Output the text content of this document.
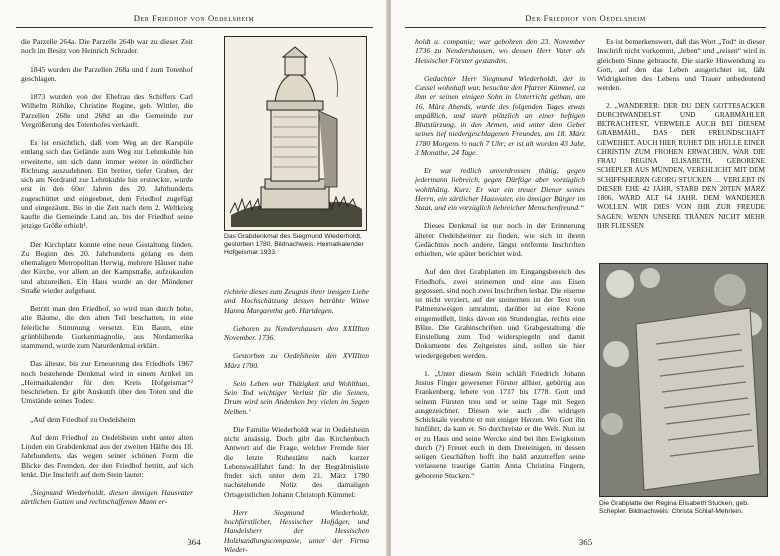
Der Friedhof von Oedelsheim

die Parzelle 264a. Die Parzelle 264b war zu dieser Zeit noch im Besitz von Heinrich Schrader.

1845 wurden die Parzellen 268a und f zum Totenhof geschlagen.

1873 wurden von der Ehefrau des Schiffers Carl Wilhelm Röhlke, Christine Regine, geb. Wittler, die Parzellen 268e und 268d an die Gemeinde zur Vergrößerung des Totenhofes verkauft.

Es ist ersichtlich, daß vom Weg an der Karspüle entlang sich das Gelände zum Weg zur Lehmkuhle hin erweiterte, um sich dann immer weiter in nördlicher Richtung auszudehnen. Ein breiter, tiefer Graben, der sich am Nordrand zur Lehmkuhle hin erstreckte, wurde erst in den 60er Jahren des 20. Jahrhunderts zugeschüttet und eingeebnet, dem Friedhof zugefügt und eingezäunt. Bis in die Zeit nach dem 2. Weltkrieg kaufte die Gemeinde Land an, bis der Friedhof seine jetzige Größe erhielt¹.

Der Kirchplatz konnte eine neue Gestaltung finden. Zu Beginn des 20. Jahrhunderts gelang es dem ehemaligen Metropolitan Herwig, mehrere Häuser nahe der Kirche, vor allem an der Kampstraße, aufzukaufen und abzureißen. Ein Haus wurde an der Mündener Straße wieder aufgebaut.

Betritt man den Friedhof, so wird man durch hohe, alte Bäume, die den alten Teil beschatten, in eine feierliche Stimmung versetzt. Ein Baum, eine grünblühende Gurkenmagnolie, aus Nordamerika stammend, wurde zum Naturdenkmal erklärt.

Das älteste, bis zur Erneuerung des Friedhofs 1967 noch bestehende Denkmal wird in einem Artikel im „Heimatkalender für den Kreis Hofgeismar“² beschrieben. Er gibt Auskunft über den Toten und die Umstände seines Todes:

„Auf dem Friedhof zu Oedelsheim

Auf dem Friedhof zu Oedelsheim steht unter alten Linden ein Grabdenkmal aus der zweiten Hälfte des 18. Jahrhunderts, das wegen seiner schönen Form die Blicke des Fremden, der den Friedhof betritt, auf sich lenkt. Die Inschrift auf dem Stein lautet:

‚Siegmund Wiederholdt, diesen ämsigen Hausvater zärtlichen Gatten und rechtschaffenen Mann er-

Das Grabdenkmal des Siegmund Wiederholdt, gestorben 1780. Bildnachweis: Heimatkalender Hofgeismar 1933.

richtete dieses zum Zeugnis ihrer innigen Liebe und Hochschätzung dessen betrübte Witwe Hanna Margaretha geb. Hartdegen.

Geboren zu Nendershausen den XXIIIten November. 1736.

Gestorben zu Oedelsheim den XVIIIten März 1780.

Sein Leben war Thätigkeit und Wohlthun, Sein Tod wichtiger Verlust für die Seinen, Drum wird sein Andenken bey vielen im Segen bleiben.‘

Die Familie Wiederholdt war in Oedelsheim nicht ansässig. Doch gibt das Kirchenbuch Antwort auf die Frage, welcher Fremde hier die letzte Ruhestätte nach kurzer Lebenswallfahrt fand: In der Begräbnisliste findet sich unter dem 21. März 1780 nachstehende Notiz des damaligen Ortsgeistlichen Johann Christoph Kümmel:

Herr Siegmund Wiederholdt, hochfürstlicher, Hessischer Hofjäger, und Handelsherr der Hessischen Holzhandlungscompanie, unter der Firma Wieder-

364
Der Friedhof von Oedelsheim

holdt u. companie; war gebohren den 23. November 1736 zu Nendershausen, wo dessen Herr Vater als Hessischer Förster gestanden.

Gedachter Herr Siegmund Wiederholdt, der in Cassel wohnhaft war, besuchte den Pfarrer Kümmel, ca ihm er seinen einigen Sohn in Unterricht gethan, am 16. März Abends, wurde des folgenden Tages etwas unpäßlich, und starb plötzlich an einer heftigen Blutstürzung, in den Armen, und unter dem Gebet seines tief niedergeschlagenen Freundes, am 18. März 1780 Morgens ½ nach 7 Uhr; er ist alt worden 43 Jahr, 3 Monathe, 24 Tage.

Er war redlich unverdrossen thätig, gegen jedermann liebreich, gegen Dürftige aber vorzüglich wohlthätig. Kurz: Er war ein treuer Diener seines Herrn, ein zärtlicher Hausvater, ein ämsiger Bürger im Staat, und ein vorzüglich liebreicher Menschenfreund.“

Dieses Denkmal ist nur noch in der Erinnerung älterer Oedelsheimer zu finden, wie sich in ihrem Gedächtnis noch andere, längst entfernte Inschriften erhielten, wie später berichtet wird.

Auf den drei Grabplatten im Eingangsbereich des Friedhofs, zwei steinernen und eine aus Eisen gegossen, sind noch zwei Inschriften lesbar. Die eiserne ist nicht verziert, auf der steinernen ist der Text von Palmenzweigen umrahmt, darüber ist eine Krone eingemeißelt, links davon ein Stundenglas, rechts eine Blüte. Die Grabinschriften und Grabgestaltung die Einstellung zum Tod widerspiegeln und damit Dokumente des Zeitgeistes sind, sollen sie hier wiedergegeben werden.

1. „Unter diesem Stein schläft Friedrich Johann Justus Finger gewesener Förster allhier, gebürtig aus Frankenberg, lebete von 1717 bis 1778. Gott und seinem Fürsten treu und er seine Tage mit Segen ausgezeichnet. Diesen wie auch die widrigen Schicksale verehrte er mit einiger Herzen. Wo Gott ihn hinführt, da kam er. So durchreiste er die Welt. Nun ist er zu Haus und seine Wercke sind bei ihm Ewigkeiten durch (?) Freuet euch in dem Dreieinigen, in dessen seligen Geschäften hofft ihn bald anzutreffen seine verlassene traurige Gattin Anna Christina Fingern, geborene Stucken.“

Es ist bemerkenswert, daß das Wort „Tod“ in dieser Inschrift nicht vorkommt, „leben“ und „reisen“ wird in gleichem Sinne gebraucht. Die starke Hinwendung zu Gott, auf den das Leben ausgerichtet ist, läßt Widrigkeiten des Lebens und Trauer unbedeutend werden.

2. „WANDERER: DER DU DEN GOTTESACKER DURCHWANDELST UND GRABMÄHLER BETRACHTEST, VERWEILE AUCH BEI DIESEM GRABMAHL, DAS DER FREUNDSCHAFT GEWEIHET. AUCH HIER RUHET DIE HÜLLE EINER CHRISTIN ZUM FROHEN ERWACHEN, WAR DIE FRAU REGINA ELISABETH, GEBORENE SCHEPLER AUS MÜNDEN, VEREHLICHT MIT DEM SCHIFFSHERRN GEORG STUCKEN … VERLEBT IN DIESER EHE 42 JAHR, STARB DEN 20TEN MÄRZ 1806, WARD ALT 64 JAHR. DEM WANDERER WOLLEN WIR DIES VON IHR ZUR FREUDE SAGEN: WENN UNSERE TRÄNEN NICHT MEHR IHR FLIESSEN

Die Grabplatte der Regina Elisabeth Stucken, geb. Schepler. Bildnachweis: Christa Schlaf-Mehrlein.
365
